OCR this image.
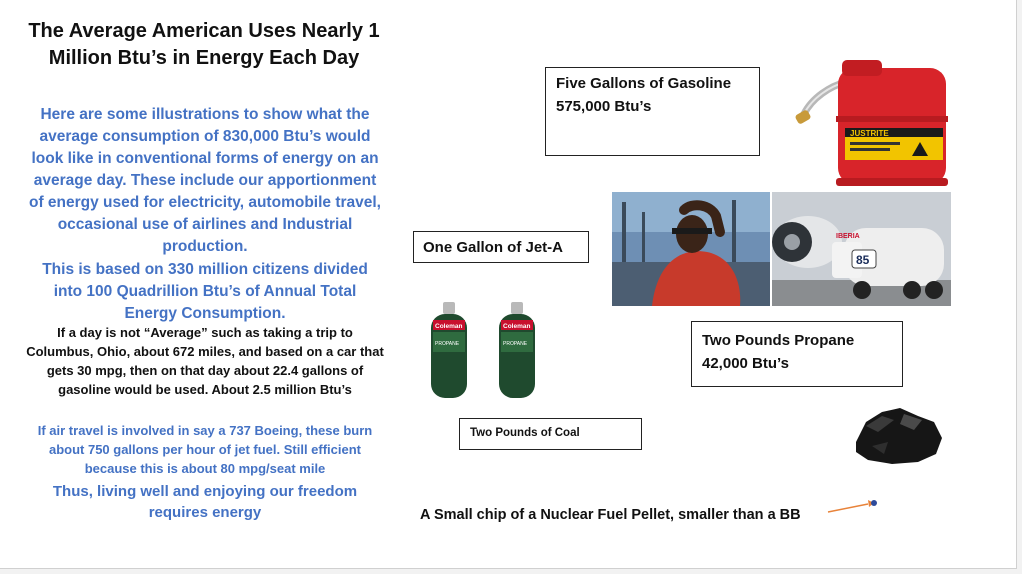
The Average American Uses Nearly 1 Million Btu’s in Energy Each Day
Here are some illustrations to show what the average consumption of 830,000 Btu’s would look like in conventional forms of energy on an average day. These include our apportionment of energy used for electricity, automobile travel, occasional use of airlines and Industrial production.
This is based on 330 million citizens divided into 100 Quadrillion Btu’s of Annual Total Energy Consumption.
If a day is not “Average” such as taking a trip to Columbus, Ohio, about 672 miles, and based on a car that gets 30 mpg, then on that day about 22.4 gallons of gasoline would be used. About 2.5 million Btu’s
If air travel is involved in say a 737 Boeing, these burn about 750 gallons per hour of jet fuel. Still efficient because this is about 80 mpg/seat mile
Thus, living well and enjoying our freedom requires energy
Five Gallons of Gasoline
575,000 Btu’s
JUSTRITE
One Gallon of Jet-A
85
IBERIA
Coleman
PROPANE
Coleman
PROPANE	Two Pounds Propane
42,000 Btu’s
Two Pounds of Coal
A Small chip of a Nuclear Fuel Pellet, smaller than a BB
